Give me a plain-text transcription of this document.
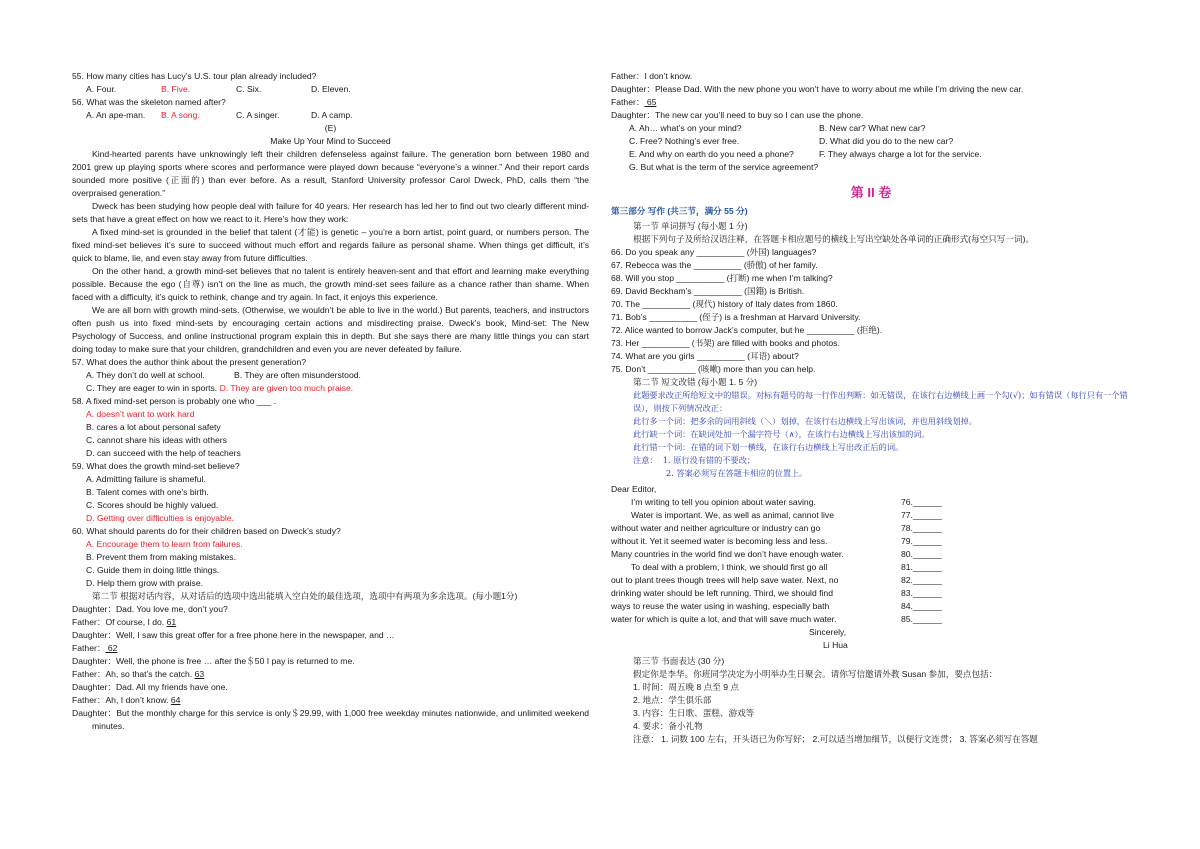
55. How many cities has Lucy’s U.S. tour plan already included?

A. Four.	B. Five.	C. Six.	D. Eleven.

56. What was the skeleton named after?

A. An ape-man.	B. A song.	C. A singer.	D. A camp.

(E)

Make Up Your Mind to Succeed

Kind-hearted parents have unknowingly left their children defenseless against failure. The generation born between 1980 and 2001 grew up playing sports where scores and performance were played down because “everyone’s a winner.” And their report cards sounded more positive (正面的) than ever before. As a result, Stanford University professor Carol Dweck, PhD, calls them “the overpraised generation.”

Dweck has been studying how people deal with failure for 40 years. Her research has led her to find out two clearly different mind-sets that have a great effect on how we react to it. Here’s how they work:

A fixed mind-set is grounded in the belief that talent (才能) is genetic – you’re a born artist, point guard, or numbers person. The fixed mind-set believes it’s sure to succeed without much effort and regards failure as personal shame. When things get difficult, it’s quick to blame, lie, and even stay away from future difficulties.

On the other hand, a growth mind-set believes that no talent is entirely heaven-sent and that effort and learning make everything possible. Because the ego (自尊) isn’t on the line as much, the growth mind-set sees failure as a chance rather than shame. When faced with a difficulty, it’s quick to rethink, change and try again. In fact, it enjoys this experience.

We are all born with growth mind-sets. (Otherwise, we wouldn’t be able to live in the world.) But parents, teachers, and instructors often push us into fixed mind-sets by encouraging certain actions and misdirecting praise. Dweck’s book, Mind-set: The New Psychology of Success, and online instructional program explain this in depth. But she says there are many little things you can start doing today to make sure that your children, grandchildren and even you are never defeated by failure.

57. What does the author think about the present generation?

A. They don’t do well at school.	B. They are often misunderstood.
C. They are eager to win in sports. D. They are given too much praise.

58. A fixed mind-set person is probably one who ___ .

A. doesn’t want to work hard

B. cares a lot about personal safety

C. cannot share his ideas with others

D. can succeed with the help of teachers

59. What does the growth mind-set believe?

A. Admitting failure is shameful.

B. Talent comes with one’s birth.

C. Scores should be highly valued.

D. Getting over difficulties is enjoyable.

60. What should parents do for their children based on Dweck’s study?

A. Encourage them to learn from failures.

B. Prevent them from making mistakes.

C. Guide them in doing little things.

D. Help them grow with praise.

第二节 根据对话内容，从对话后的选项中选出能填入空白处的最佳选项，选项中有两项为多余选项。(每小题1分)

Daughter：Dad. You love me, don’t you?

Father：Of course, I do. 61

Daughter：Well, I saw this great offer for a free phone here in the newspaper, and …

Father： 62

Daughter：Well, the phone is free … after the＄50 I pay is returned to me.

Father：Ah, so that’s the catch. 63

Daughter：Dad. All my friends have one.

Father：Ah, I don’t know. 64

Daughter：But the monthly charge for this service is only＄29.99, with 1,000 free weekday minutes nationwide, and unlimited weekend minutes.

Father：I don’t know.

Daughter：Please Dad. With the new phone you won’t have to worry about me while I’m driving the new car.

Father： 65

Daughter：The new car you’ll need to buy so I can use the phone.

A. Ah… what’s on your mind?	B. New car? What new car?
C. Free? Nothing’s ever free.	D. What did you do to the new car?
E. And why on earth do you need a phone?	F. They always charge a lot for the service.
G. But what is the term of the service agreement?
第 II 卷

第三部分 写作 (共三节，满分 55 分)

第一节 单词拼写 (每小题 1 分)

根据下列句子及所给汉语注释，在答题卡相应题号的横线上写出空缺处各单词的正确形式(每空只写一词)。

66. Do you speak any __________ (外国) languages?

67. Rebecca was the __________ (骄傲) of her family.

68. Will you stop __________ (打断) me when I’m talking?

69. David Beckham’s __________ (国籍) is British.

70. The __________ (现代) history of Italy dates from 1860.

71. Bob’s __________ (侄子) is a freshman at Harvard University.

72. Alice wanted to borrow Jack’s computer, but he __________ (拒绝).

73. Her __________ (书架) are filled with books and photos.

74. What are you girls __________ (耳语) about?

75. Don’t __________ (咳嗽) more than you can help.

第二节 短文改错 (每小题 1. 5 分)

此题要求改正所给短文中的错误。对标有题号的每一行作出判断：如无错误，在该行右边横线上画一个勾(√)；如有错误（每行只有一个错误），则按下列情况改正：

此行多一个词：把多余的词用斜线（＼）划掉，在该行右边横线上写出该词，并也用斜线划掉。

此行缺一个词：在缺词处加一个漏字符号（∧），在该行右边横线上写出该加的词。

此行错一个词：在错的词下划一横线，在该行右边横线上写出改正后的词。

注意： 1. 原行没有错的不要改；

2. 答案必须写在答题卡相应的位置上。

Dear Editor,

I’m writing to tell you opinion about water saving.	76.______
Water is important. We, as well as animal, cannot live	77.______
without water and neither agriculture or industry can go	78.______
without it. Yet it seemed water is becoming less and less.	79.______
Many countries in the world find we don’t have enough water.	80.______
To deal with a problem, I think, we should first go all	81.______
out to plant trees though trees will help save water. Next, no	82.______
drinking water should be left running. Third, we should find	83.______
ways to reuse the water using in washing, especially bath	84.______
water for which is quite a lot, and that will save much water.	85.______

Sincerely,

Li Hua

第三节 书面表达 (30 分)

假定你是李华。你班同学决定为小明举办生日聚会。请你写信邀请外教 Susan 参加，要点包括：

1. 时间：周五晚 8 点至 9 点

2. 地点：学生俱乐部

3. 内容：生日歌、蛋糕、游戏等

4. 要求：备小礼物

注意： 1. 词数 100 左右，开头语已为你写好； 2.可以适当增加细节，以便行文连贯； 3. 答案必须写在答题
